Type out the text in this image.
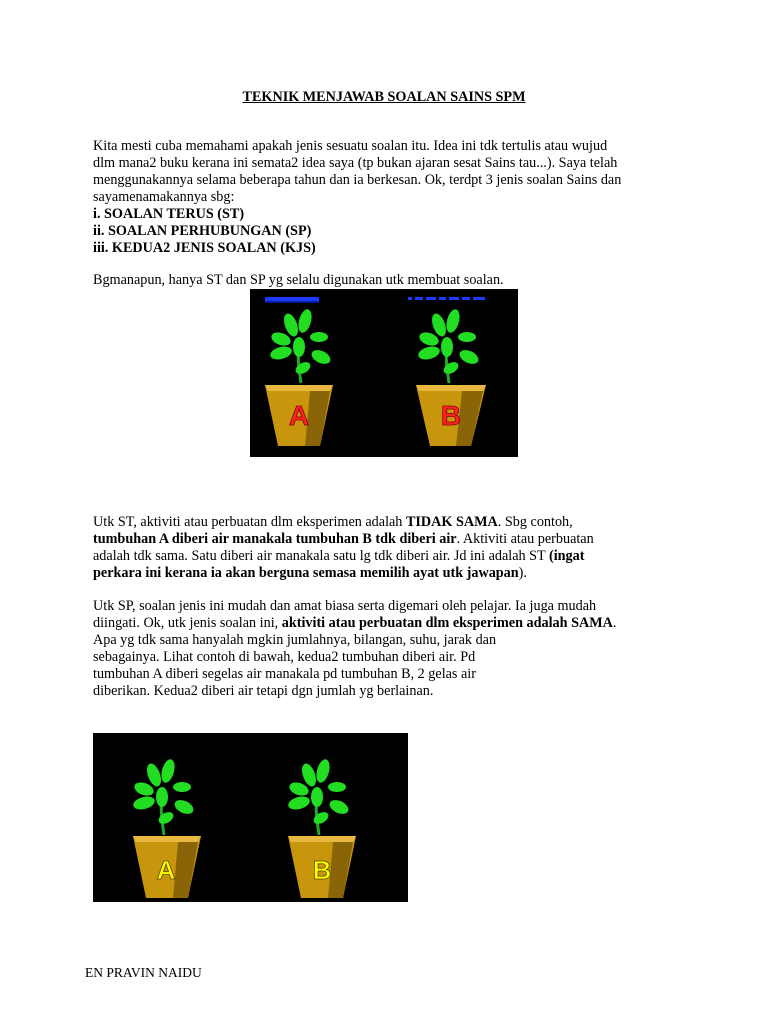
TEKNIK MENJAWAB SOALAN SAINS SPM
Kita mesti cuba memahami apakah jenis sesuatu soalan itu. Idea ini tdk tertulis atau wujud
dlm mana2 buku kerana ini semata2 idea saya (tp bukan ajaran sesat Sains tau...). Saya telah
menggunakannya selama beberapa tahun dan ia berkesan. Ok, terdpt 3 jenis soalan Sains dan
sayamenamakannya sbg:
i. SOALAN TERUS (ST)
ii. SOALAN PERHUBUNGAN (SP)
iii. KEDUA2 JENIS SOALAN (KJS)

Bgmanapun, hanya ST dan SP yg selalu digunakan utk membuat soalan.

A	B
Utk ST, aktiviti atau perbuatan dlm eksperimen adalah TIDAK SAMA. Sbg contoh,
tumbuhan A diberi air manakala tumbuhan B tdk diberi air. Aktiviti atau perbuatan
adalah tdk sama. Satu diberi air manakala satu lg tdk diberi air. Jd ini adalah ST (ingat
perkara ini kerana ia akan berguna semasa memilih ayat utk jawapan).
Utk SP, soalan jenis ini mudah dan amat biasa serta digemari oleh pelajar. Ia juga mudah
diingati. Ok, utk jenis soalan ini, aktiviti atau perbuatan dlm eksperimen adalah SAMA.
Apa yg tdk sama hanyalah mgkin jumlahnya, bilangan, suhu, jarak dan
sebagainya. Lihat contoh di bawah, kedua2 tumbuhan diberi air. Pd
tumbuhan A diberi segelas air manakala pd tumbuhan B, 2 gelas air
diberikan. Kedua2 diberi air tetapi dgn jumlah yg berlainan.
A	B
EN PRAVIN NAIDU
